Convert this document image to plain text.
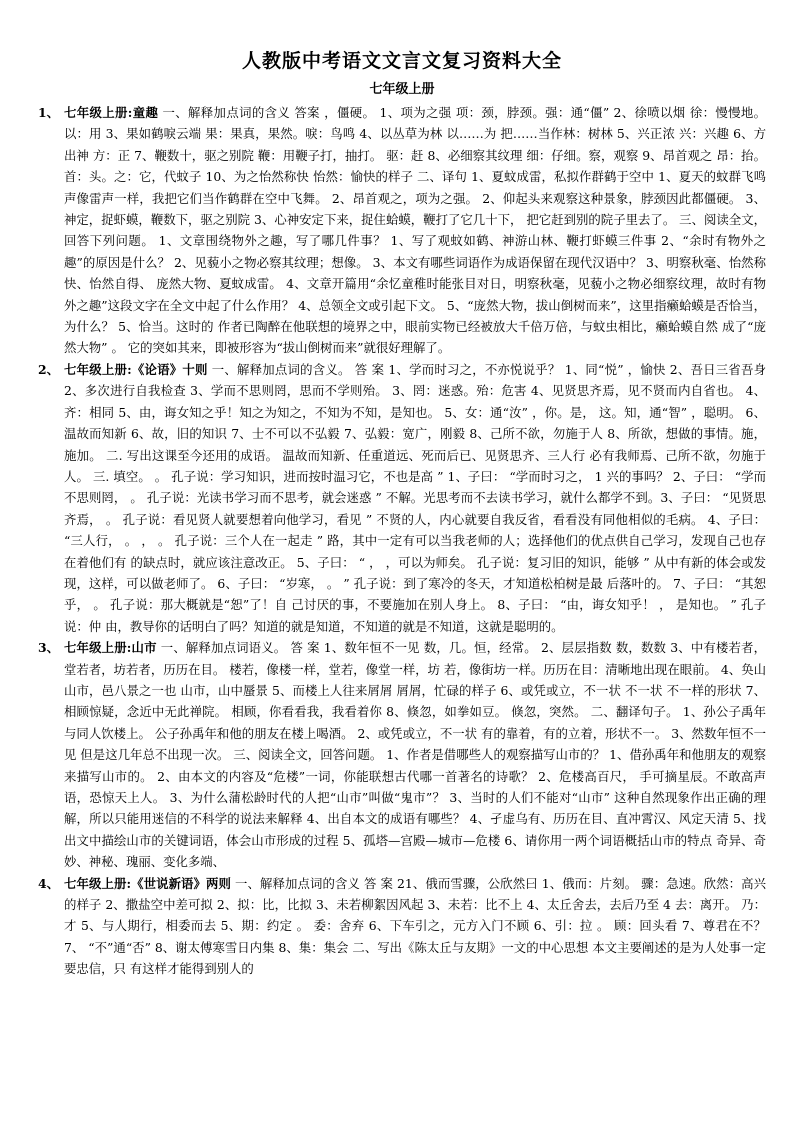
人教版中考语文文言文复习资料大全
七年级上册
1、 七年级上册:童趣 一、解释加点词的含义 答案 ，僵硬。 1、项为之强 项：颈，脖颈。强：通“僵” 2、徐喷以烟 徐：慢慢地。以：用 3、果如鹤唳云端 果：果真，果然。唳：鸟鸣 4、以丛草为林 以……为 把……当作林：树林 5、兴正浓 兴：兴趣 6、方出神 方：正 7、鞭数十，驱之别院 鞭：用鞭子打，抽打。 驱：赶 8、必细察其纹理 细：仔细。察，观察 9、昂首观之 昂：抬。 首：头。之：它，代蚊子 10、为之怡然称快 怡然：愉快的样子 二、译句 1、夏蚊成雷，私拟作群鹤于空中 1、夏天的蚊群飞鸣声像雷声一样，我把它们当作鹤群在空中飞舞。 2、昂首观之，项为之强。 2、仰起头来观察这种景象，脖颈因此都僵硬。 3、神定，捉虾蟆，鞭数下，驱之别院 3、心神安定下来，捉住蛤蟆，鞭打了它几十下， 把它赶到别的院子里去了。 三、阅读全文，回答下列问题。 1、文章围绕物外之趣，写了哪几件事？ 1、写了观蚊如鹤、神游山林、鞭打虾蟆三件事 2、“余时有物外之趣”的原因是什么？ 2、见藐小之物必察其纹理；想像。 3、本文有哪些词语作为成语保留在现代汉语中？ 3、明察秋毫、怡然称快、怡然自得、 庞然大物、夏蚊成雷。 4、文章开篇用“余忆童稚时能张目对日，明察秋毫，见藐小之物必细察纹理，故时有物 外之趣”这段文字在全文中起了什么作用？ 4、总领全文或引起下文。 5、“庞然大物，拔山倒树而来”，这里指癞蛤蟆是否恰当，为什么？ 5、恰当。这时的 作者已陶醉在他联想的境界之中，眼前实物已经被放大千倍万倍，与蚊虫相比，癞蛤蟆自然 成了“庞然大物” 。 它的突如其来，即被形容为“拔山倒树而来”就很好理解了。
2、 七年级上册:《论语》十则 一、解释加点词的含义。 答 案 1、学而时习之，不亦悦说乎？ 1、同“悦” ，愉快 2、吾日三省吾身 2、多次进行自我检查 3、学而不思则罔，思而不学则殆。 3、罔：迷惑。殆：危害 4、见贤思齐焉，见不贤而内自省也。 4、齐：相同 5、由，诲女知之乎！知之为知之，不知为不知，是知也。 5、女：通“汝” ，你。是， 这。知，通“智” ，聪明。 6、温故而知新 6、故，旧的知识 7、士不可以不弘毅 7、弘毅：宽广，刚毅 8、己所不欲，勿施于人 8、所欲，想做的事情。施，施加。 二. 写出这课至今还用的成语。 温故而知新、任重道远、死而后已、见贤思齐、三人行 必有我师焉、己所不欲，勿施于人。 三. 填空。 。 孔子说：学习知识，进而按时温习它，不也是高 ” 1、子曰： “学而时习之， 1 兴的事吗？ 2、子曰： “学而不思则罔， 。 孔子说：光读书学习而不思考，就会迷惑 ” 不解。光思考而不去读书学习，就什么都学不到。3、子曰： “见贤思齐焉， 。 孔子说：看见贤人就要想着向他学习，看见 ” 不贤的人，内心就要自我反省，看看没有同他相似的毛病。 4、子曰： “三人行， 。 ， 。 孔子说：三个人在一起走 ” 路，其中一定有可以当我老师的人；选择他们的优点供自己学习，发现自己也存在着他们有 的缺点时，就应该注意改正。 5、子曰： “ ， ，可以为师矣。 孔子说：复习旧的知识，能够 ” 从中有新的体会或发现，这样，可以做老师了。 6、子曰： “岁寒， 。 ” 孔子说：到了寒冷的冬天，才知道松柏树是最 后落叶的。 7、子曰： “其恕乎， 。 孔子说：那大概就是“恕”了！自 己讨厌的事，不要施加在别人身上。 8、子曰： “由，诲女知乎！ ， 是知也。 ” 孔子说：仲 由，教导你的话明白了吗？知道的就是知道，不知道的就是不知道，这就是聪明的。
3、 七年级上册:山市 一、解释加点词语义。 答 案 1、数年恒不一见 数，几。恒，经常。 2、层层指数 数，数数 3、中有楼若者，堂若者，坊若者，历历在目。 楼若，像楼一样，堂若，像堂一样，坊 若，像街坊一样。历历在目：清晰地出现在眼前。 4、奂山山市，邑八景之一也 山市，山中蜃景 5、而楼上人往来屑屑 屑屑，忙碌的样子 6、或凭或立，不一状 不一状 不一样的形状 7、相顾惊疑，念近中无此禅院。 相顾，你看看我，我看着你 8、倏忽，如拳如豆。 倏忽，突然。 二、翻译句子。 1、孙公子禹年与同人饮楼上。 公子孙禹年和他的朋友在楼上喝酒。 2、或凭或立，不一状 有的靠着，有的立着，形状不一。 3、然数年恒不一见 但是这几年总不出现一次。 三、阅读全文，回答问题。 1、作者是借哪些人的观察描写山市的？ 1、借孙禹年和他朋友的观察来描写山市的。 2、由本文的内容及“危楼”一词，你能联想古代哪一首著名的诗歌？ 2、危楼高百尺， 手可摘星辰。不敢高声语，恐惊天上人。 3、为什么蒲松龄时代的人把“山市”叫做“鬼市”？ 3、当时的人们不能对“山市” 这种自然现象作出正确的理解，所以只能用迷信的不科学的说法来解释 4、出自本文的成语有哪些？ 4、孑虚乌有、历历在目、直冲霄汉、风定天清 5、找出文中描绘山市的关键词语，体会山市形成的过程 5、孤塔—宫殿—城市—危楼 6、请你用一两个词语概括山市的特点 奇异、奇妙、神秘、瑰丽、变化多端、
4、 七年级上册:《世说新语》两则 一、解释加点词的含义 答 案 21、俄而雪骤，公欣然曰 1、俄而：片刻。 骤：急速。欣然：高兴的样子 2、撒盐空中差可拟 2、拟：比，比拟 3、未若柳絮因风起 3、未若：比不上 4、太丘舍去，去后乃至 4 去：离开。 乃：才 5、与人期行，相委而去 5、期：约定 。 委：舍弃 6、下车引之，元方入门不顾 6、引：拉 。 顾：回头看 7、尊君在不？ 7、 “不”通“否” 8、谢太傅寒雪日内集 8、集：集会 二、写出《陈太丘与友期》一文的中心思想 本文主要阐述的是为人处事一定要忠信，只 有这样才能得到别人的
